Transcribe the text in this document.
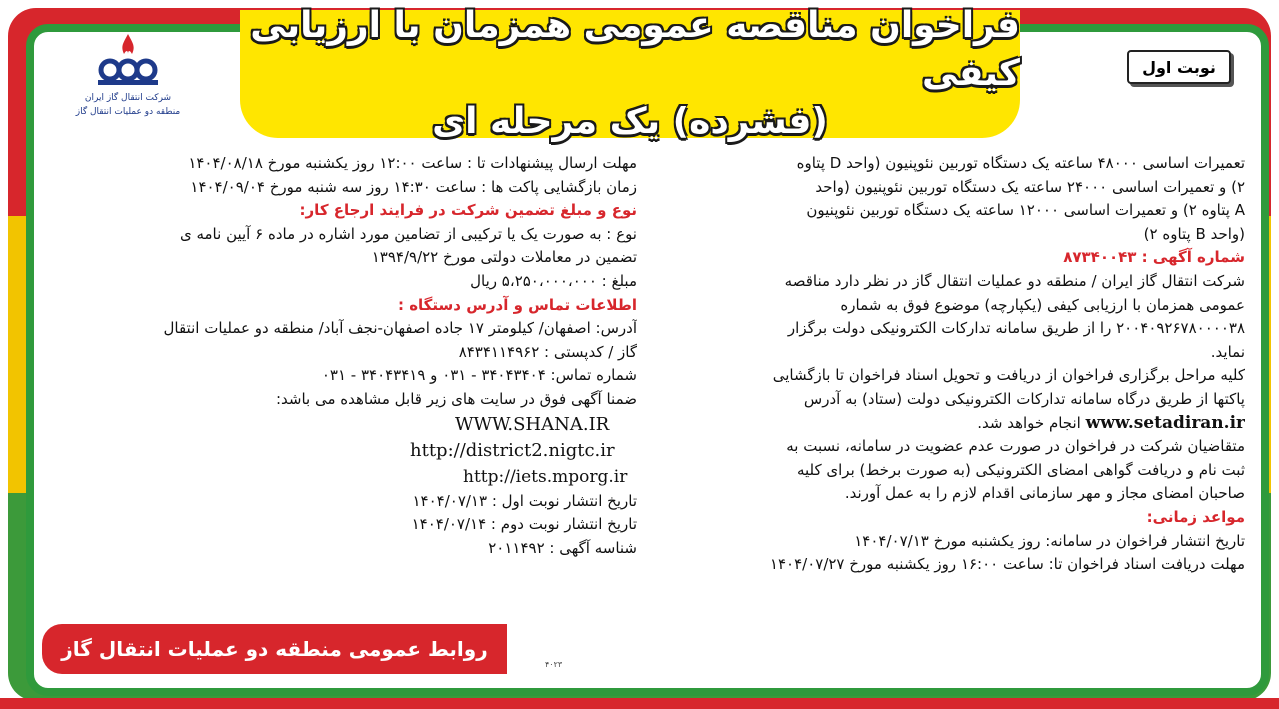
فراخوان مناقصه عمومی همزمان با ارزیابی کیفی
(فشرده) یک مرحله ای
شرکت انتقال گاز ایران
منطقه دو عملیات انتقال گاز
نوبت اول
تعمیرات اساسی ۴۸۰۰۰ ساعته یک دستگاه توربین نئوپنیون (واحد D پتاوه
۲) و تعمیرات اساسی ۲۴۰۰۰ ساعته یک دستگاه توربین نئوپنیون (واحد
A پتاوه ۲) و تعمیرات اساسی ۱۲۰۰۰ ساعته یک دستگاه توربین نئوپنیون
(واحد B پتاوه ۲)
شماره آگهی : ۸۷۳۴۰۰۴۳
شرکت انتقال گاز ایران / منطقه دو عملیات انتقال گاز در نظر دارد مناقصه
عمومی همزمان با ارزیابی کیفی (یکپارچه) موضوع فوق به شماره
۲۰۰۴۰۹۲۶۷۸۰۰۰۰۳۸ را از طریق سامانه تدارکات الکترونیکی دولت برگزار
نماید.
کلیه مراحل برگزاری فراخوان از دریافت و تحویل اسناد فراخوان تا بازگشایی
پاکتها از طریق درگاه سامانه تدارکات الکترونیکی دولت (ستاد) به آدرس
www.setadiran.ir انجام خواهد شد.
متقاضیان شرکت در فراخوان در صورت عدم عضویت در سامانه، نسبت به
ثبت نام و دریافت گواهی امضای الکترونیکی (به صورت برخط) برای کلیه
صاحبان امضای مجاز و مهر سازمانی اقدام لازم را به عمل آورند.
مواعد زمانی:
تاریخ انتشار فراخوان در سامانه: روز یکشنبه مورخ ۱۴۰۴/۰۷/۱۳
مهلت دریافت اسناد فراخوان تا: ساعت ۱۶:۰۰ روز یکشنبه مورخ ۱۴۰۴/۰۷/۲۷
مهلت ارسال پیشنهادات تا : ساعت ۱۲:۰۰ روز یکشنبه مورخ ۱۴۰۴/۰۸/۱۸
زمان بازگشایی پاکت ها : ساعت ۱۴:۳۰ روز سه شنبه مورخ ۱۴۰۴/۰۹/۰۴
نوع و مبلغ تضمین شرکت در فرایند ارجاع کار:
نوع : به صورت یک یا ترکیبی از تضامین مورد اشاره در ماده ۶ آیین نامه ی
تضمین در معاملات دولتی مورخ ۱۳۹۴/۹/۲۲
مبلغ : ۵،۲۵۰،۰۰۰،۰۰۰ ریال
اطلاعات تماس و آدرس دستگاه :
آدرس: اصفهان/ کیلومتر ۱۷ جاده اصفهان-نجف آباد/ منطقه دو عملیات انتقال
گاز / کدپستی : ۸۴۳۴۱۱۴۹۶۲
شماره تماس: ۳۴۰۴۳۴۰۴ - ۰۳۱ و ۳۴۰۴۳۴۱۹ - ۰۳۱
ضمنا آگهی فوق در سایت های زیر قابل مشاهده می باشد:
WWW.SHANA.IR
http://district2.nigtc.ir
http://iets.mporg.ir
تاریخ انتشار نوبت اول : ۱۴۰۴/۰۷/۱۳
تاریخ انتشار نوبت دوم : ۱۴۰۴/۰۷/۱۴
شناسه آگهی : ۲۰۱۱۴۹۲
روابط عمومی منطقه دو عملیات انتقال گاز
۴۰۲۳
